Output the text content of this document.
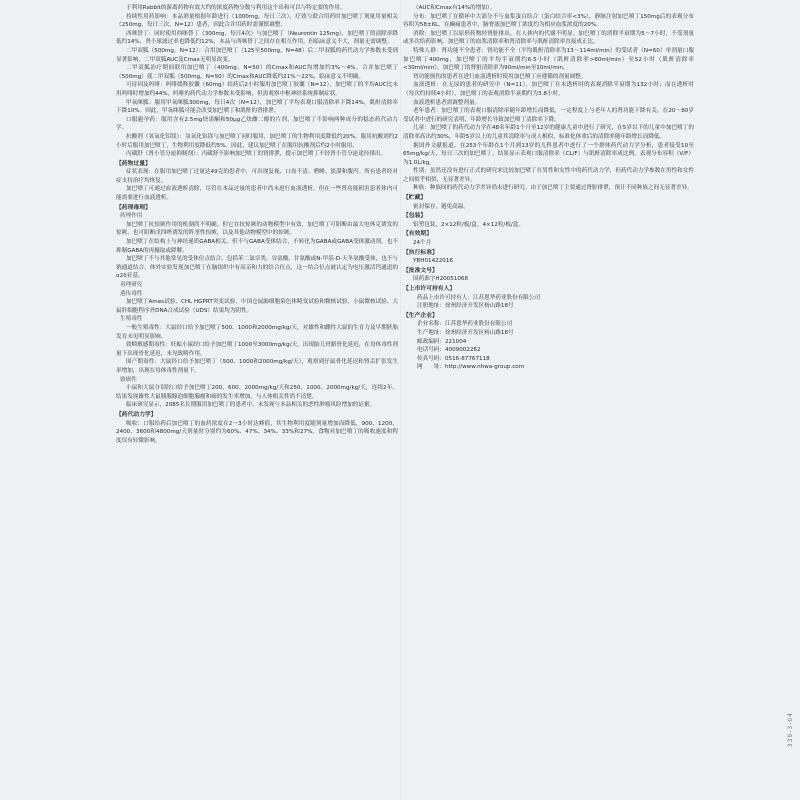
于利用Rabbit的游离药物有效大约的浓度药物分数与利用这个出和可以与特定要的作用。

持续性用药影响：本品剂量根据年龄进行（1000mg，每日三次），疗效与联合用药时加巴喷丁剂量用量相关（250mg，每日三次，N=12）患者，因此合并用药时需谨慎调整。

西咪替丁：同时使用西咪替丁（300mg，每日4次）与加巴喷丁（Neurontin 125mg），加巴喷丁的清除率降低约14%，肾小球滤过率也降低约12%，本品与西咪替丁之间存在相互作用，但临床意义不大，剂量无需调整。

二甲双胍（500mg，N=12）：合用加巴喷丁（125至500mg，N=48）后二甲双胍的药代动力学参数未受到显著影响，二甲双胍AUC及Cmax无明显改变。

二甲双胍治疗期间联用加巴喷丁（400mg，N=50）的Cmax和AUC均增加约3%～4%，合并加巴喷丁（500mg）使二甲双胍（500mg，N=50）的Cmax和AUC降低约21%～22%，临床意义不明确。

可待因及吗啡：吗啡缓释胶囊（60mg）给药后2小时服用加巴喷丁胶囊（N=12），加巴喷丁的平均AUC比未用吗啡时增加约44%，吗啡的药代动力学参数未受影响，但需观察中枢神经系统抑制症状。

甲氧咪胍：服用甲氧咪胍300mg，每日4次（N=12），加巴喷丁平均表观口服清除率下降14%，肌酐清除率下降10%。因此，甲氧咪胍可能会改变加巴喷丁和肌酐的肾排泄。

口服避孕药：服用含有2.5mg炔诺酮和50μg乙炔雌二醇的片剂，加巴喷丁不影响两种成分的稳态药代动力学。

抗酸剂（氢氧化铝镁）：氢氧化铝镁与加巴喷丁同时服用，加巴喷丁的生物利用度降低约20%。服用抗酸剂约2小时后服用加巴喷丁，生物利用度降低约5%。因此，建议加巴喷丁在服用抗酸剂后约2小时服用。

丙磺舒（肾小管分泌抑制剂）：丙磺舒不影响加巴喷丁的肾排泄，提示加巴喷丁不经肾小管分泌途径排出。

【药物过量】

症状表现：在服用加巴喷丁过量达49克的患者中，可出现复视、口齿不清、嗜睡、淡漠和腹泻。所有患者经对症支持治疗均恢复。

加巴喷丁可通过血液透析清除，尽管在本品过量的患者中尚未进行血液透析，但在一些肾功能损害患者体内可能需要进行血液透析。

【药理毒理】

药理作用

加巴喷丁抗惊厥作用的机制尚不明确。但它在抗惊厥的动物模型中有效，加巴喷丁可阻断由最大电休克诱发的惊厥，也可阻断戊四唑诱发的阵挛性惊厥，以及其他动物模型中的惊厥。

加巴喷丁在结构上与神经递质GABA相关，但不与GABA受体结合，不转化为GABA或GABA受体激动剂，也不抑制GABA的再摄取或降解。

加巴喷丁不与其他常见的受体位点结合，包括苯二氮卓类、谷氨酸、甘氨酸或N-甲基-D-天冬氨酸受体，也不与钠通道结合。体外实验发现加巴喷丁在脑组织中有高亲和力的结合位点，这一结合位点被认定为电压激活钙通道的α2δ亚基。

毒理研究

遗传毒性

加巴喷丁Ames试验、CHL HGPRT突变试验、中国仓鼠肺细胞染色体畸变试验和微核试验、小鼠微核试验、大鼠肝细胞程序外DNA合成试验（UDS）结果均为阴性。

生殖毒性

一般生殖毒性：大鼠经口给予加巴喷丁500、1000和2000mg/kg/天，对雄性和雌性大鼠的生育力及早期胚胎发育未见明显影响。

致畸敏感期毒性：妊娠小鼠经口给予加巴喷丁1000至3000mg/kg/天，出现胎儿骨骼骨化延迟，在母体毒性剂量下出现骨化延迟，未见致畸作用。

围产期毒性：大鼠经口给予加巴喷丁（500、1000和2000mg/kg/天），观察到仔鼠骨化延迟和肾盂扩张发生率增加，出现在母体毒性剂量下。

致癌性

小鼠和大鼠分别经口给予加巴喷丁200、600、2000mg/kg/天和250、1000、2000mg/kg/天，连续2年。结果发现雄性大鼠胰腺腺泡细胞腺瘤和癌的发生率增加，与人体相关性尚不清楚。

临床研究显示，2085名长期服用加巴喷丁的患者中，未发现与本品相关的恶性肿瘤风险增加的证据。

【药代动力学】

吸收：口服给药后加巴喷丁的血药浓度在2～3小时达峰值，其生物利用度随剂量增加而降低，900、1200、2400、3600和4800mg/天剂量时分别约为60%、47%、34%、33%和27%。食物对加巴喷丁的吸收速度和程度仅有轻微影响。

（AUC和Cmax有14%的增加）。

分布：加巴喷丁在循环中大部分不与血浆蛋白结合（蛋白结合率<3%），静脉注射加巴喷丁150mg后的表观分布容积为58±6L。在癫痫患者中，脑脊液加巴喷丁浓度约为相应血浆浓度的20%。

消除：加巴喷丁以原形药物经肾脏排出，在人体内的代谢不明显。加巴喷丁的消除半衰期为5～7小时，不受剂量或多次给药影响。加巴喷丁的血浆清除率和肾清除率与肌酐清除率直接成正比。

特殊人群：肾功能不全患者：肾功能不全（平均肌酐清除率为13～114ml/min）的受试者（N=60）单剂量口服加巴喷丁400mg，加巴喷丁的平均半衰期约6.5小时（肌酐清除率>60ml/min）至52小时（肌酐清除率<30ml/min），加巴喷丁的肾脏清除率为90ml/min至10ml/min。

肾功能损伤的患者在进行血液透析时使用加巴喷丁应遵循的剂量调整。

血液透析：在无尿的患者的研究中（N=11），加巴喷丁在未透析时的表观消除半衰期为132小时；而在透析时（每次约持续4小时），加巴喷丁的表观消除半衰期约为3.8小时。

血液透析患者需调整剂量。

老年患者：加巴喷丁的表观口服清除率随年龄增长而降低，一定程度上与老年人的肾功能下降有关。在20～80岁受试者中进行的研究表明，年龄增长导致加巴喷丁清除率下降。

儿童：加巴喷丁的药代动力学在48名年龄1个月至12岁的健康儿童中进行了研究，在5岁以下的儿童中加巴喷丁的清除率高出约30%，年龄5岁以上的儿童其清除率与成人相似，标准化体重后的清除率随年龄增长而降低。

据国外文献报道，在253个年龄在1个月到13岁的儿科患者中进行了一个群体药代动力学分析，患者接受10至65mg/kg/天，每日三次的加巴喷丁。结果显示表观口服清除率（CL/F）与肌酐清除率成比例，表观分布容积（V/F）为1.0L/kg。

性别：虽然还没有进行正式的研究来比较加巴喷丁在男性和女性中的药代动力学，但药代动力学参数在男性和女性之间似乎相似，无显著差异。

种族：种族间的药代动力学差异尚未进行研究。由于加巴喷丁主要通过肾脏排泄，预计不同种族之间无显著差异。

【贮藏】

密封保存，避免高温。

【包装】

铝塑包装，2×12粒/板/盒，4×12粒/板/盒。

【有效期】

24个月

【执行标准】

YBH01422016

【批准文号】

国药准字H20051068

【上市许可持有人】

药品上市许可持有人：江苏恩华药业股份有限公司

注册地址：徐州经济开发区杨山路18号

【生产企业】

企业名称：江苏恩华药业股份有限公司

生产地址：徐州经济开发区杨山路18号

邮政编码：221004

电话号码：4009002262

传真号码：0516-87767118

网　　址：http://www.nhwa-group.com

339-3-04
